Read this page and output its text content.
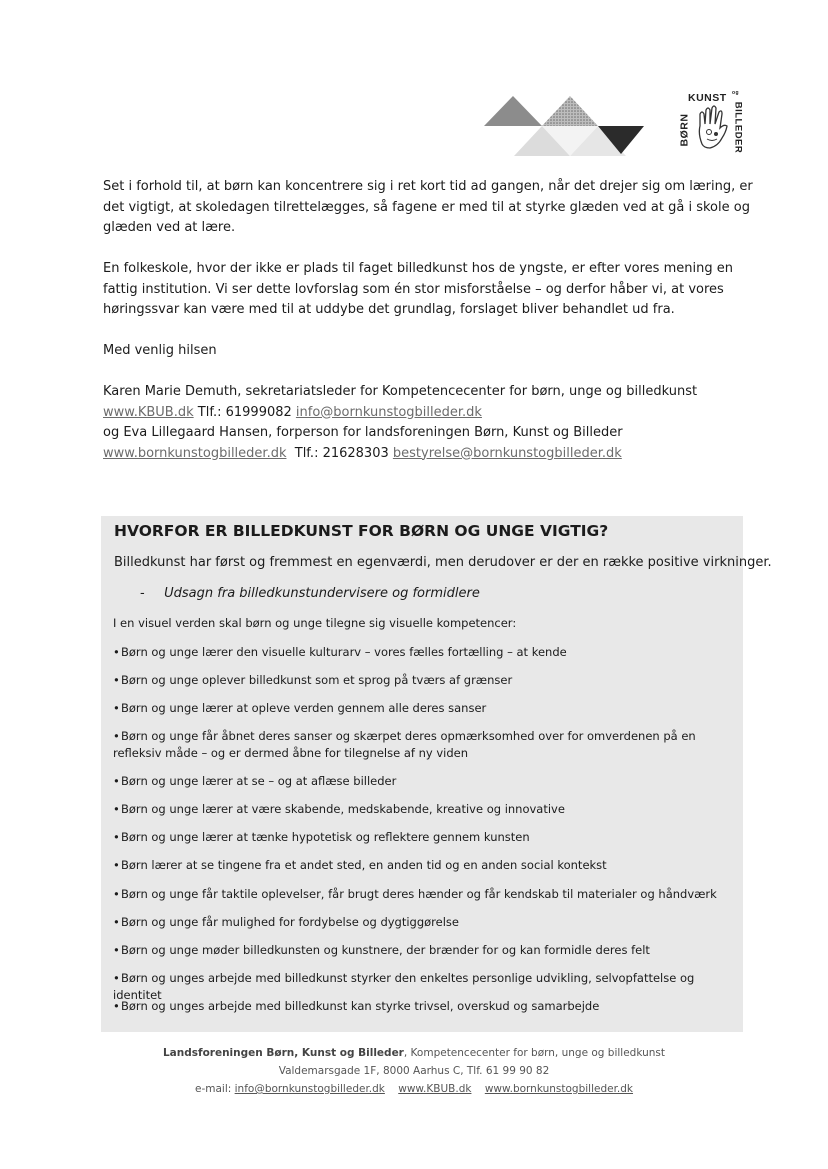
KUNST og
BØRN	BILLEDER

Set i forhold til, at børn kan koncentrere sig i ret kort tid ad gangen, når det drejer sig om læring, er det vigtigt, at skoledagen tilrettelægges, så fagene er med til at styrke glæden ved at gå i skole og glæden ved at lære.

En folkeskole, hvor der ikke er plads til faget billedkunst hos de yngste, er efter vores mening en fattig institution. Vi ser dette lovforslag som én stor misforståelse – og derfor håber vi, at vores høringssvar kan være med til at uddybe det grundlag, forslaget bliver behandlet ud fra.

Med venlig hilsen

Karen Marie Demuth, sekretariatsleder for Kompetencecenter for børn, unge og billedkunst
www.KBUB.dk Tlf.: 61999082 info@bornkunstogbilleder.dk
og Eva Lillegaard Hansen, forperson for landsforeningen Børn, Kunst og Billeder
www.bornkunstogbilleder.dk Tlf.: 21628303 bestyrelse@bornkunstogbilleder.dk
HVORFOR ER BILLEDKUNST FOR BØRN OG UNGE VIGTIG?
Billedkunst har først og fremmest en egenværdi, men derudover er der en række positive virkninger.
- Udsagn fra billedkunstundervisere og formidlere
I en visuel verden skal børn og unge tilegne sig visuelle kompetencer:
•Børn og unge lærer den visuelle kulturarv – vores fælles fortælling – at kende
•Børn og unge oplever billedkunst som et sprog på tværs af grænser
•Børn og unge lærer at opleve verden gennem alle deres sanser
•Børn og unge får åbnet deres sanser og skærpet deres opmærksomhed over for omverdenen på en refleksiv måde – og er dermed åbne for tilegnelse af ny viden
•Børn og unge lærer at se – og at aflæse billeder
•Børn og unge lærer at være skabende, medskabende, kreative og innovative
•Børn og unge lærer at tænke hypotetisk og reflektere gennem kunsten
•Børn lærer at se tingene fra et andet sted, en anden tid og en anden social kontekst
•Børn og unge får taktile oplevelser, får brugt deres hænder og får kendskab til materialer og håndværk
•Børn og unge får mulighed for fordybelse og dygtiggørelse
•Børn og unge møder billedkunsten og kunstnere, der brænder for og kan formidle deres felt
•Børn og unges arbejde med billedkunst styrker den enkeltes personlige udvikling, selvopfattelse og identitet
•Børn og unges arbejde med billedkunst kan styrke trivsel, overskud og samarbejde
Landsforeningen Børn, Kunst og Billeder, Kompetencecenter for børn, unge og billedkunst
Valdemarsgade 1F, 8000 Aarhus C, Tlf. 61 99 90 82
e-mail: info@bornkunstogbilleder.dk www.KBUB.dk www.bornkunstogbilleder.dk
